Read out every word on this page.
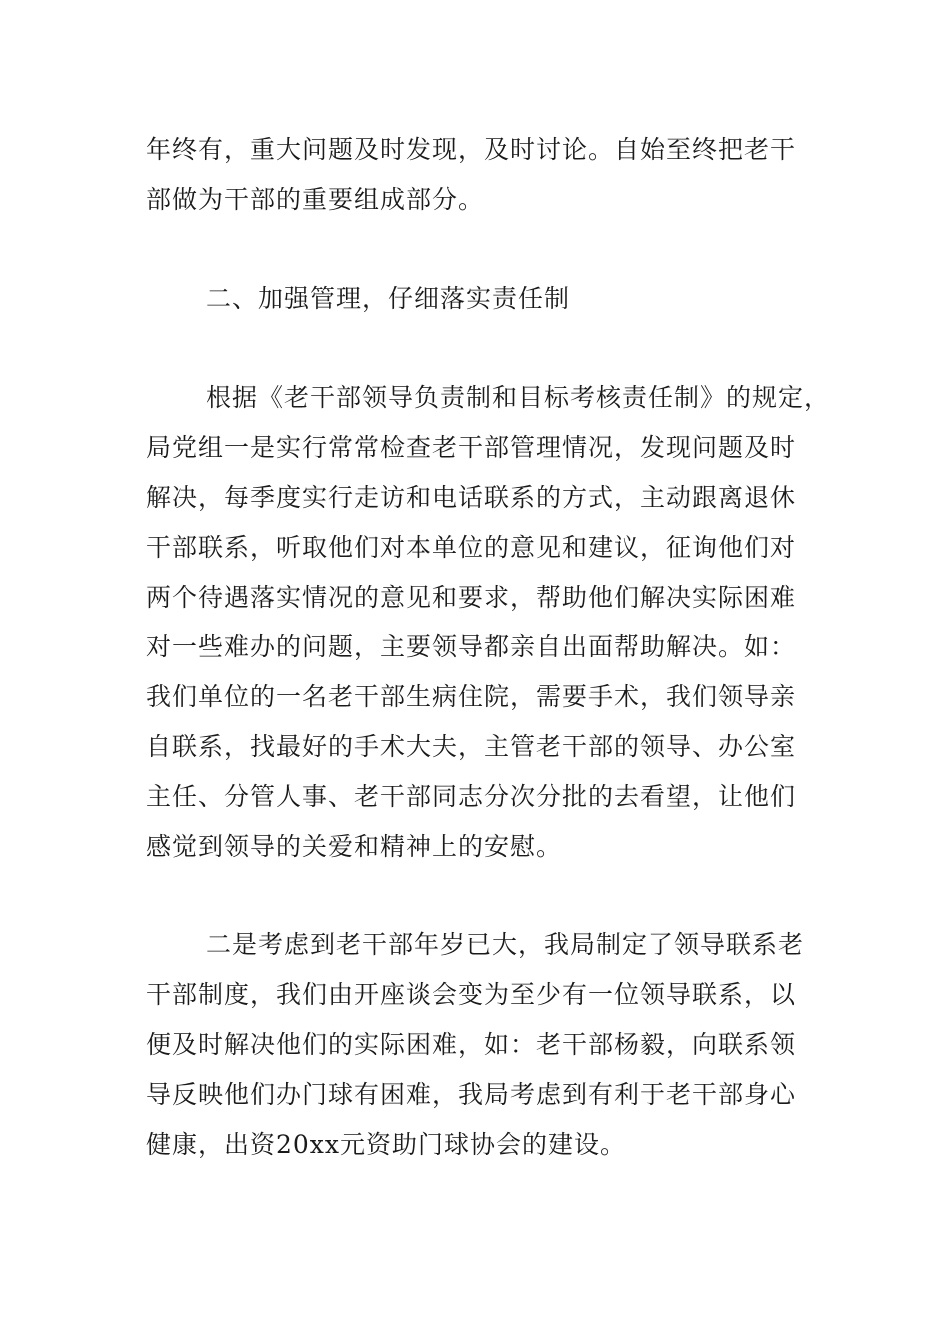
年终有，重大问题及时发现，及时讨论。自始至终把老干
部做为干部的重要组成部分。
二、加强管理，仔细落实责任制
根据《老干部领导负责制和目标考核责任制》的规定，
局党组一是实行常常检查老干部管理情况，发现问题及时
解决，每季度实行走访和电话联系的方式，主动跟离退休
干部联系，听取他们对本单位的意见和建议，征询他们对
两个待遇落实情况的意见和要求，帮助他们解决实际困难
对一些难办的问题，主要领导都亲自出面帮助解决。如：
我们单位的一名老干部生病住院，需要手术，我们领导亲
自联系，找最好的手术大夫，主管老干部的领导、办公室
主任、分管人事、老干部同志分次分批的去看望，让他们
感觉到领导的关爱和精神上的安慰。
二是考虑到老干部年岁已大，我局制定了领导联系老
干部制度，我们由开座谈会变为至少有一位领导联系，以
便及时解决他们的实际困难，如：老干部杨毅，向联系领
导反映他们办门球有困难，我局考虑到有利于老干部身心
健康，出资20xx元资助门球协会的建设。
